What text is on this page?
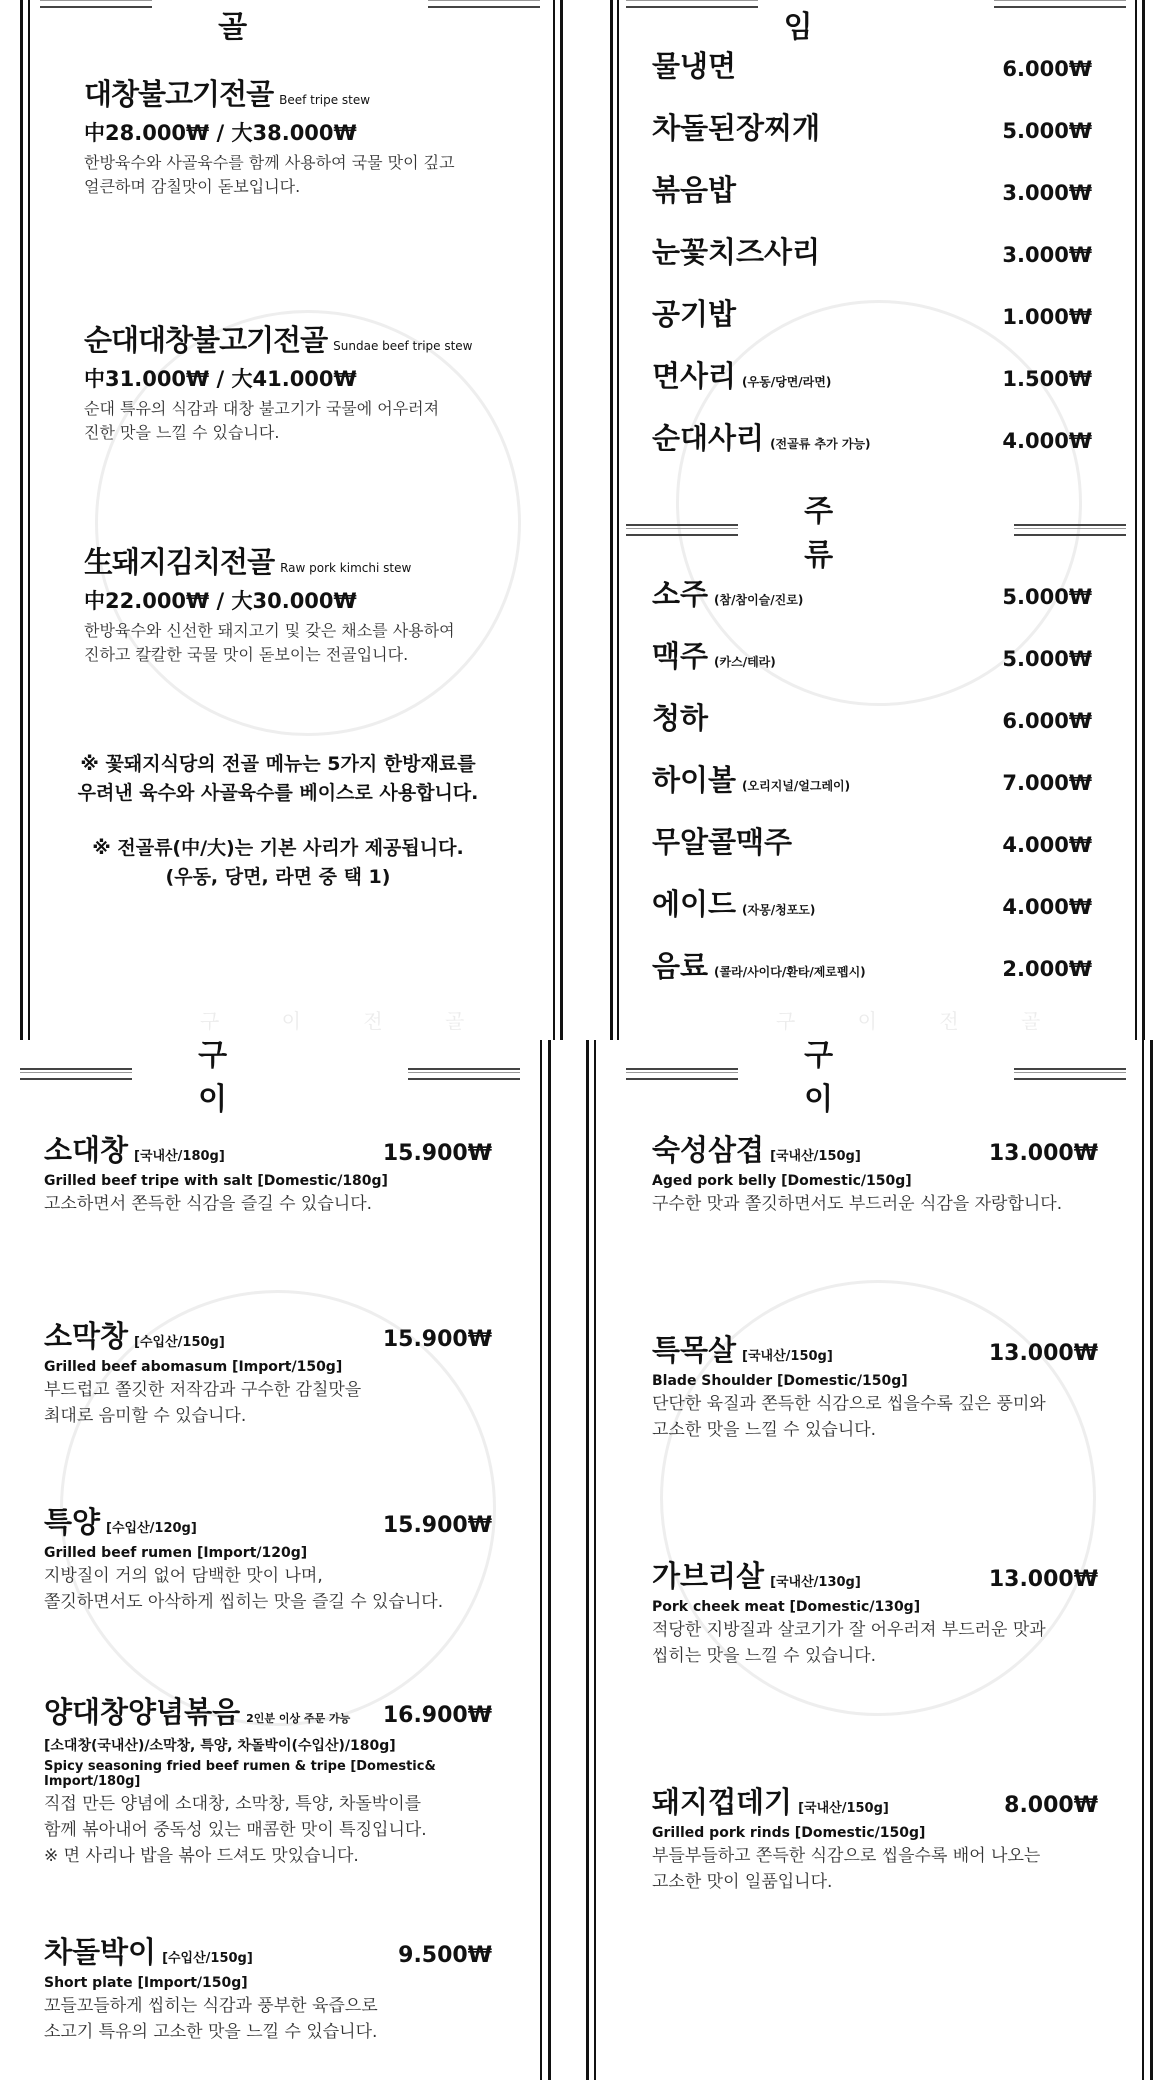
구 이 전 골
골
대창불고기전골 Beef tripe stew
中28.000₩ / 大38.000₩
한방육수와 사골육수를 함께 사용하여 국물 맛이 깊고
얼큰하며 감칠맛이 돋보입니다.
순대대창불고기전골 Sundae beef tripe stew
中31.000₩ / 大41.000₩
순대 특유의 식감과 대창 불고기가 국물에 어우러져
진한 맛을 느낄 수 있습니다.
生돼지김치전골 Raw pork kimchi stew
中22.000₩ / 大30.000₩
한방육수와 신선한 돼지고기 및 갖은 채소를 사용하여
진하고 칼칼한 국물 맛이 돋보이는 전골입니다.
※ 꽃돼지식당의 전골 메뉴는 5가지 한방재료를
우려낸 육수와 사골육수를 베이스로 사용합니다.
※ 전골류(中/大)는 기본 사리가 제공됩니다.
(우동, 당면, 라면 중 택 1)
구 이 전 골
임
주 류
물냉면	6.000₩
차돌된장찌개	5.000₩
볶음밥	3.000₩
눈꽃치즈사리	3.000₩
공기밥	1.000₩
면사리 (우동/당면/라면)	1.500₩
순대사리 (전골류 추가 가능)	4.000₩
소주 (참/참이슬/진로)	5.000₩
맥주 (카스/테라)	5.000₩
청하	6.000₩
하이볼 (오리지널/얼그레이)	7.000₩
무알콜맥주	4.000₩
에이드 (자몽/청포도)	4.000₩
음료 (콜라/사이다/환타/제로펩시)	2.000₩
구 이
소대창 [국내산/180g]	15.900₩
Grilled beef tripe with salt [Domestic/180g]
고소하면서 쫀득한 식감을 즐길 수 있습니다.
소막창 [수입산/150g]	15.900₩
Grilled beef abomasum [Import/150g]
부드럽고 쫄깃한 저작감과 구수한 감칠맛을
최대로 음미할 수 있습니다.
특양 [수입산/120g]	15.900₩
Grilled beef rumen [Import/120g]
지방질이 거의 없어 담백한 맛이 나며,
쫄깃하면서도 아삭하게 씹히는 맛을 즐길 수 있습니다.
양대창양념볶음 2인분 이상 주문 가능 16.900₩
[소대창(국내산)/소막창, 특양, 차돌박이(수입산)/180g]
Spicy seasoning fried beef rumen & tripe [Domestic& Import/180g]
직접 만든 양념에 소대창, 소막창, 특양, 차돌박이를
함께 볶아내어 중독성 있는 매콤한 맛이 특징입니다.
※ 면 사리나 밥을 볶아 드셔도 맛있습니다.
차돌박이 [수입산/150g]	9.500₩
Short plate [Import/150g]
꼬들꼬들하게 씹히는 식감과 풍부한 육즙으로
소고기 특유의 고소한 맛을 느낄 수 있습니다.
구 이
숙성삼겹 [국내산/150g]	13.000₩
Aged pork belly [Domestic/150g]
구수한 맛과 쫄깃하면서도 부드러운 식감을 자랑합니다.
특목살 [국내산/150g]	13.000₩
Blade Shoulder [Domestic/150g]
단단한 육질과 쫀득한 식감으로 씹을수록 깊은 풍미와
고소한 맛을 느낄 수 있습니다.
가브리살 [국내산/130g]	13.000₩
Pork cheek meat [Domestic/130g]
적당한 지방질과 살코기가 잘 어우러져 부드러운 맛과
씹히는 맛을 느낄 수 있습니다.
돼지껍데기 [국내산/150g]	8.000₩
Grilled pork rinds [Domestic/150g]
부들부들하고 쫀득한 식감으로 씹을수록 배어 나오는
고소한 맛이 일품입니다.
